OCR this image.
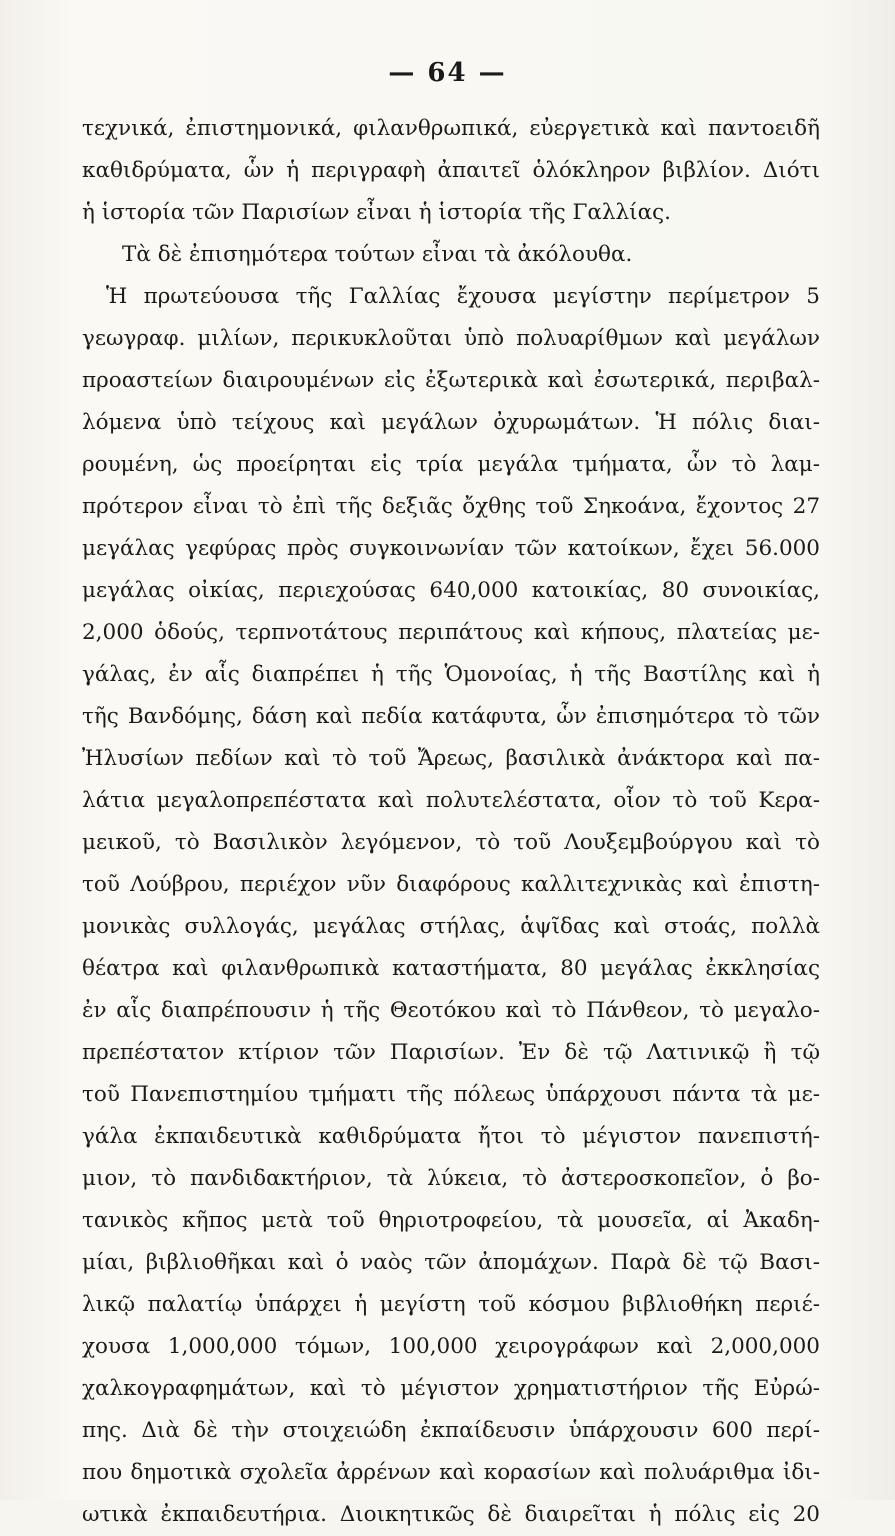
— 64 —
τεχνικά, ἐπιστημονικά, φιλανθρωπικά, εὐεργετικὰ καὶ παντοειδῆ
καθιδρύματα, ὧν ἡ περιγραφὴ ἀπαιτεῖ ὁλόκληρον βιβλίον. Διότι
ἡ ἱστορία τῶν Παρισίων εἶναι ἡ ἱστορία τῆς Γαλλίας.
Τὰ δὲ ἐπισημότερα τούτων εἶναι τὰ ἀκόλουθα.
Ἡ πρωτεύουσα τῆς Γαλλίας ἔχουσα μεγίστην περίμετρον 5
γεωγραφ. μιλίων, περικυκλοῦται ὑπὸ πολυαρίθμων καὶ μεγάλων
προαστείων διαιρουμένων εἰς ἐξωτερικὰ καὶ ἐσωτερικά, περιβαλ-
λόμενα ὑπὸ τείχους καὶ μεγάλων ὀχυρωμάτων. Ἡ πόλις διαι-
ρουμένη, ὡς προείρηται εἰς τρία μεγάλα τμήματα, ὧν τὸ λαμ-
πρότερον εἶναι τὸ ἐπὶ τῆς δεξιᾶς ὄχθης τοῦ Σηκοάνα, ἔχοντος 27
μεγάλας γεφύρας πρὸς συγκοινωνίαν τῶν κατοίκων, ἔχει 56.000
μεγάλας οἰκίας, περιεχούσας 640,000 κατοικίας, 80 συνοικίας,
2,000 ὁδούς, τερπνοτάτους περιπάτους καὶ κήπους, πλατείας με-
γάλας, ἐν αἷς διαπρέπει ἡ τῆς Ὁμονοίας, ἡ τῆς Βαστίλης καὶ ἡ
τῆς Βανδόμης, δάση καὶ πεδία κατάφυτα, ὧν ἐπισημότερα τὸ τῶν
Ἠλυσίων πεδίων καὶ τὸ τοῦ Ἄρεως, βασιλικὰ ἀνάκτορα καὶ πα-
λάτια μεγαλοπρεπέστατα καὶ πολυτελέστατα, οἷον τὸ τοῦ Κερα-
μεικοῦ, τὸ Βασιλικὸν λεγόμενον, τὸ τοῦ Λουξεμβούργου καὶ τὸ
τοῦ Λούβρου, περιέχον νῦν διαφόρους καλλιτεχνικὰς καὶ ἐπιστη-
μονικὰς συλλογάς, μεγάλας στήλας, ἁψῖδας καὶ στοάς, πολλὰ
θέατρα καὶ φιλανθρωπικὰ καταστήματα, 80 μεγάλας ἐκκλησίας
ἐν αἷς διαπρέπουσιν ἡ τῆς Θεοτόκου καὶ τὸ Πάνθεον, τὸ μεγαλο-
πρεπέστατον κτίριον τῶν Παρισίων. Ἐν δὲ τῷ Λατινικῷ ἢ τῷ
τοῦ Πανεπιστημίου τμήματι τῆς πόλεως ὑπάρχουσι πάντα τὰ με-
γάλα ἐκπαιδευτικὰ καθιδρύματα ἤτοι τὸ μέγιστον πανεπιστή-
μιον, τὸ πανδιδακτήριον, τὰ λύκεια, τὸ ἀστεροσκοπεῖον, ὁ βο-
τανικὸς κῆπος μετὰ τοῦ θηριοτροφείου, τὰ μουσεῖα, αἱ Ἀκαδη-
μίαι, βιβλιοθῆκαι καὶ ὁ ναὸς τῶν ἀπομάχων. Παρὰ δὲ τῷ Βασι-
λικῷ παλατίῳ ὑπάρχει ἡ μεγίστη τοῦ κόσμου βιβλιοθήκη περιέ-
χουσα 1,000,000 τόμων, 100,000 χειρογράφων καὶ 2,000,000
χαλκογραφημάτων, καὶ τὸ μέγιστον χρηματιστήριον τῆς Εὐρώ-
πης. Διὰ δὲ τὴν στοιχειώδη ἐκπαίδευσιν ὑπάρχουσιν 600 περί-
που δημοτικὰ σχολεῖα ἀρρένων καὶ κορασίων καὶ πολυάριθμα ἰδι-
ωτικὰ ἐκπαιδευτήρια. Διοικητικῶς δὲ διαιρεῖται ἡ πόλις εἰς 20
